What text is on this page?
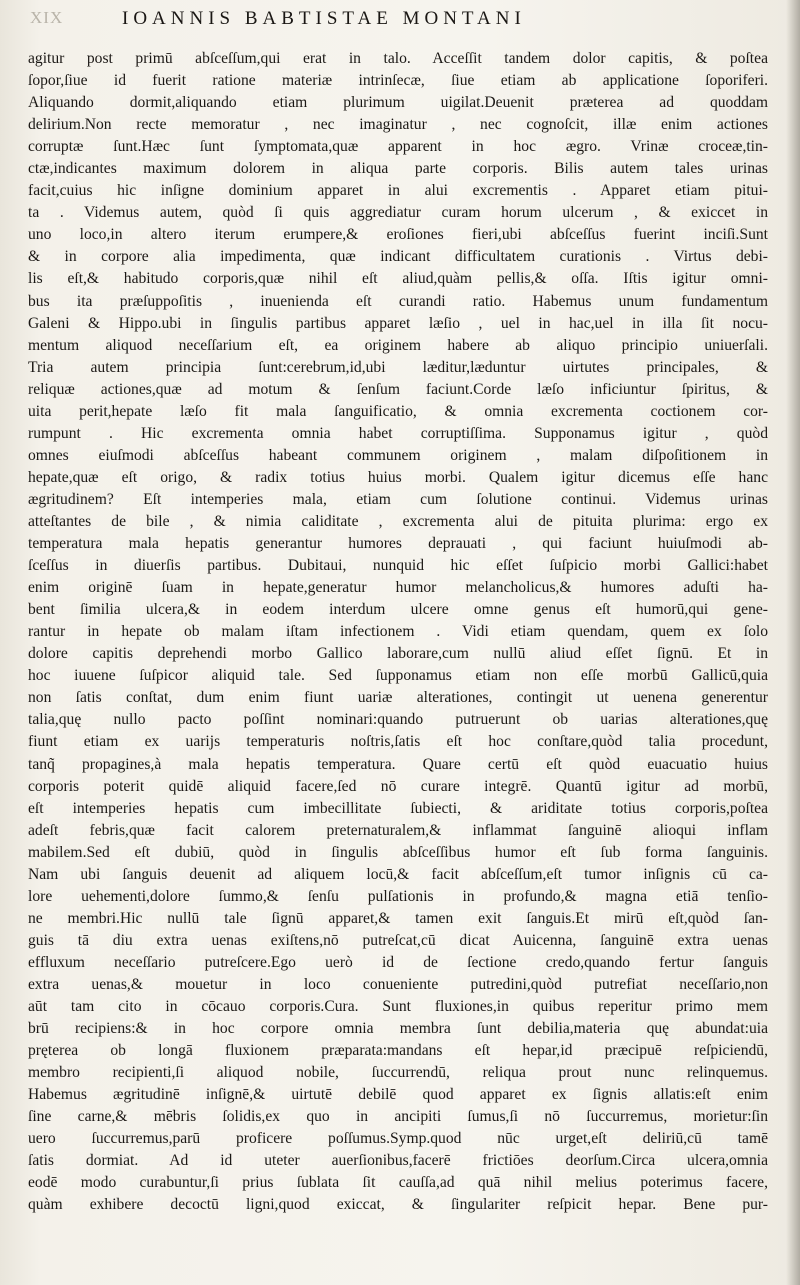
XIX	IOANNIS BABTISTAE MONTANI
agitur post primū abſceſſum,qui erat in talo. Acceſſit tandem dolor capitis, & poſtea
ſopor,ſiue id fuerit ratione materiæ intrinſecæ, ſiue etiam ab applicatione ſoporiferi.
Aliquando dormit,aliquando etiam plurimum uigilat.Deuenit præterea ad quoddam
delirium.Non recte memoratur , nec imaginatur , nec cognoſcit, illæ enim actiones
corruptæ ſunt.Hæc ſunt ſymptomata,quæ apparent in hoc ægro. Vrinæ croceæ,tin-
ctæ,indicantes maximum dolorem in aliqua parte corporis. Bilis autem tales urinas
facit,cuius hic inſigne dominium apparet in alui excrementis . Apparet etiam pitui-
ta . Videmus autem, quòd ſi quis aggrediatur curam horum ulcerum , & exiccet in
uno loco,in altero iterum erumpere,& eroſiones fieri,ubi abſceſſus fuerint inciſi.Sunt
& in corpore alia impedimenta, quæ indicant difficultatem curationis . Virtus debi-
lis eſt,& habitudo corporis,quæ nihil eſt aliud,quàm pellis,& oſſa. Iſtis igitur omni-
bus ita præſuppoſitis , inuenienda eſt curandi ratio. Habemus unum fundamentum
Galeni & Hippo.ubi in ſingulis partibus apparet læſio , uel in hac,uel in illa ſit nocu-
mentum aliquod neceſſarium eſt, ea originem habere ab aliquo principio uniuerſali.
Tria autem principia ſunt:cerebrum,id,ubi læditur,læduntur uirtutes principales, &
reliquæ actiones,quæ ad motum & ſenſum faciunt.Corde læſo inficiuntur ſpiritus, &
uita perit,hepate læſo fit mala ſanguificatio, & omnia excrementa coctionem cor-
rumpunt . Hic excrementa omnia habet corruptiſſima. Supponamus igitur , quòd
omnes eiuſmodi abſceſſus habeant communem originem , malam diſpoſitionem in
hepate,quæ eſt origo, & radix totius huius morbi. Qualem igitur dicemus eſſe hanc
ægritudinem? Eſt intemperies mala, etiam cum ſolutione continui. Videmus urinas
atteſtantes de bile , & nimia caliditate , excrementa alui de pituita plurima: ergo ex
temperatura mala hepatis generantur humores deprauati , qui faciunt huiuſmodi ab-
ſceſſus in diuerſis partibus. Dubitaui, nunquid hic eſſet ſuſpicio morbi Gallici:habet
enim originē ſuam in hepate,generatur humor melancholicus,& humores aduſti ha-
bent ſimilia ulcera,& in eodem interdum ulcere omne genus eſt humorū,qui gene-
rantur in hepate ob malam iſtam infectionem . Vidi etiam quendam, quem ex ſolo
dolore capitis deprehendi morbo Gallico laborare,cum nullū aliud eſſet ſignū. Et in
hoc iuuene ſuſpicor aliquid tale. Sed ſupponamus etiam non eſſe morbū Gallicū,quia
non ſatis conſtat, dum enim fiunt uariæ alterationes, contingit ut uenena generentur
talia,quę nullo pacto poſſint nominari:quando putruerunt ob uarias alterationes,quę
fiunt etiam ex uarijs temperaturis noſtris,ſatis eſt hoc conſtare,quòd talia procedunt,
tanq̃ propagines,à mala hepatis temperatura. Quare certū eſt quòd euacuatio huius
corporis poterit quidē aliquid facere,ſed nō curare integrē. Quantū igitur ad morbū,
eſt intemperies hepatis cum imbecillitate ſubiecti, & ariditate totius corporis,poſtea
adeſt febris,quæ facit calorem preternaturalem,& inflammat ſanguinē alioqui inflam
mabilem.Sed eſt dubiū, quòd in ſingulis abſceſſibus humor eſt ſub forma ſanguinis.
Nam ubi ſanguis deuenit ad aliquem locū,& facit abſceſſum,eſt tumor inſignis cū ca-
lore uehementi,dolore ſummo,& ſenſu pulſationis in profundo,& magna etiā tenſio-
ne membri.Hic nullū tale ſignū apparet,& tamen exit ſanguis.Et mirū eſt,quòd ſan-
guis tā diu extra uenas exiſtens,nō putreſcat,cū dicat Auicenna, ſanguinē extra uenas
effluxum neceſſario putreſcere.Ego uerò id de ſectione credo,quando fertur ſanguis
extra uenas,& mouetur in loco conueniente putredini,quòd putrefiat neceſſario,non
aūt tam cito in cōcauo corporis.Cura. Sunt fluxiones,in quibus reperitur primo mem
brū recipiens:& in hoc corpore omnia membra ſunt debilia,materia quę abundat:uia
pręterea ob longā fluxionem præparata:mandans eſt hepar,id præcipuē reſpiciendū,
membro recipienti,ſi aliquod nobile, ſuccurrendū, reliqua prout nunc relinquemus.
Habemus ægritudinē inſignē,& uirtutē debilē quod apparet ex ſignis allatis:eſt enim
ſine carne,& mēbris ſolidis,ex quo in ancipiti ſumus,ſi nō ſuccurremus, morietur:ſin
uero ſuccurremus,parū proficere poſſumus.Symp.quod nūc urget,eſt deliriū,cū tamē
ſatis dormiat. Ad id uteter auerſionibus,facerē frictiōes deorſum.Circa ulcera,omnia
eodē modo curabuntur,ſi prius ſublata ſit cauſſa,ad quā nihil melius poterimus facere,
quàm exhibere decoctū ligni,quod exiccat, & ſingulariter reſpicit hepar. Bene pur-
